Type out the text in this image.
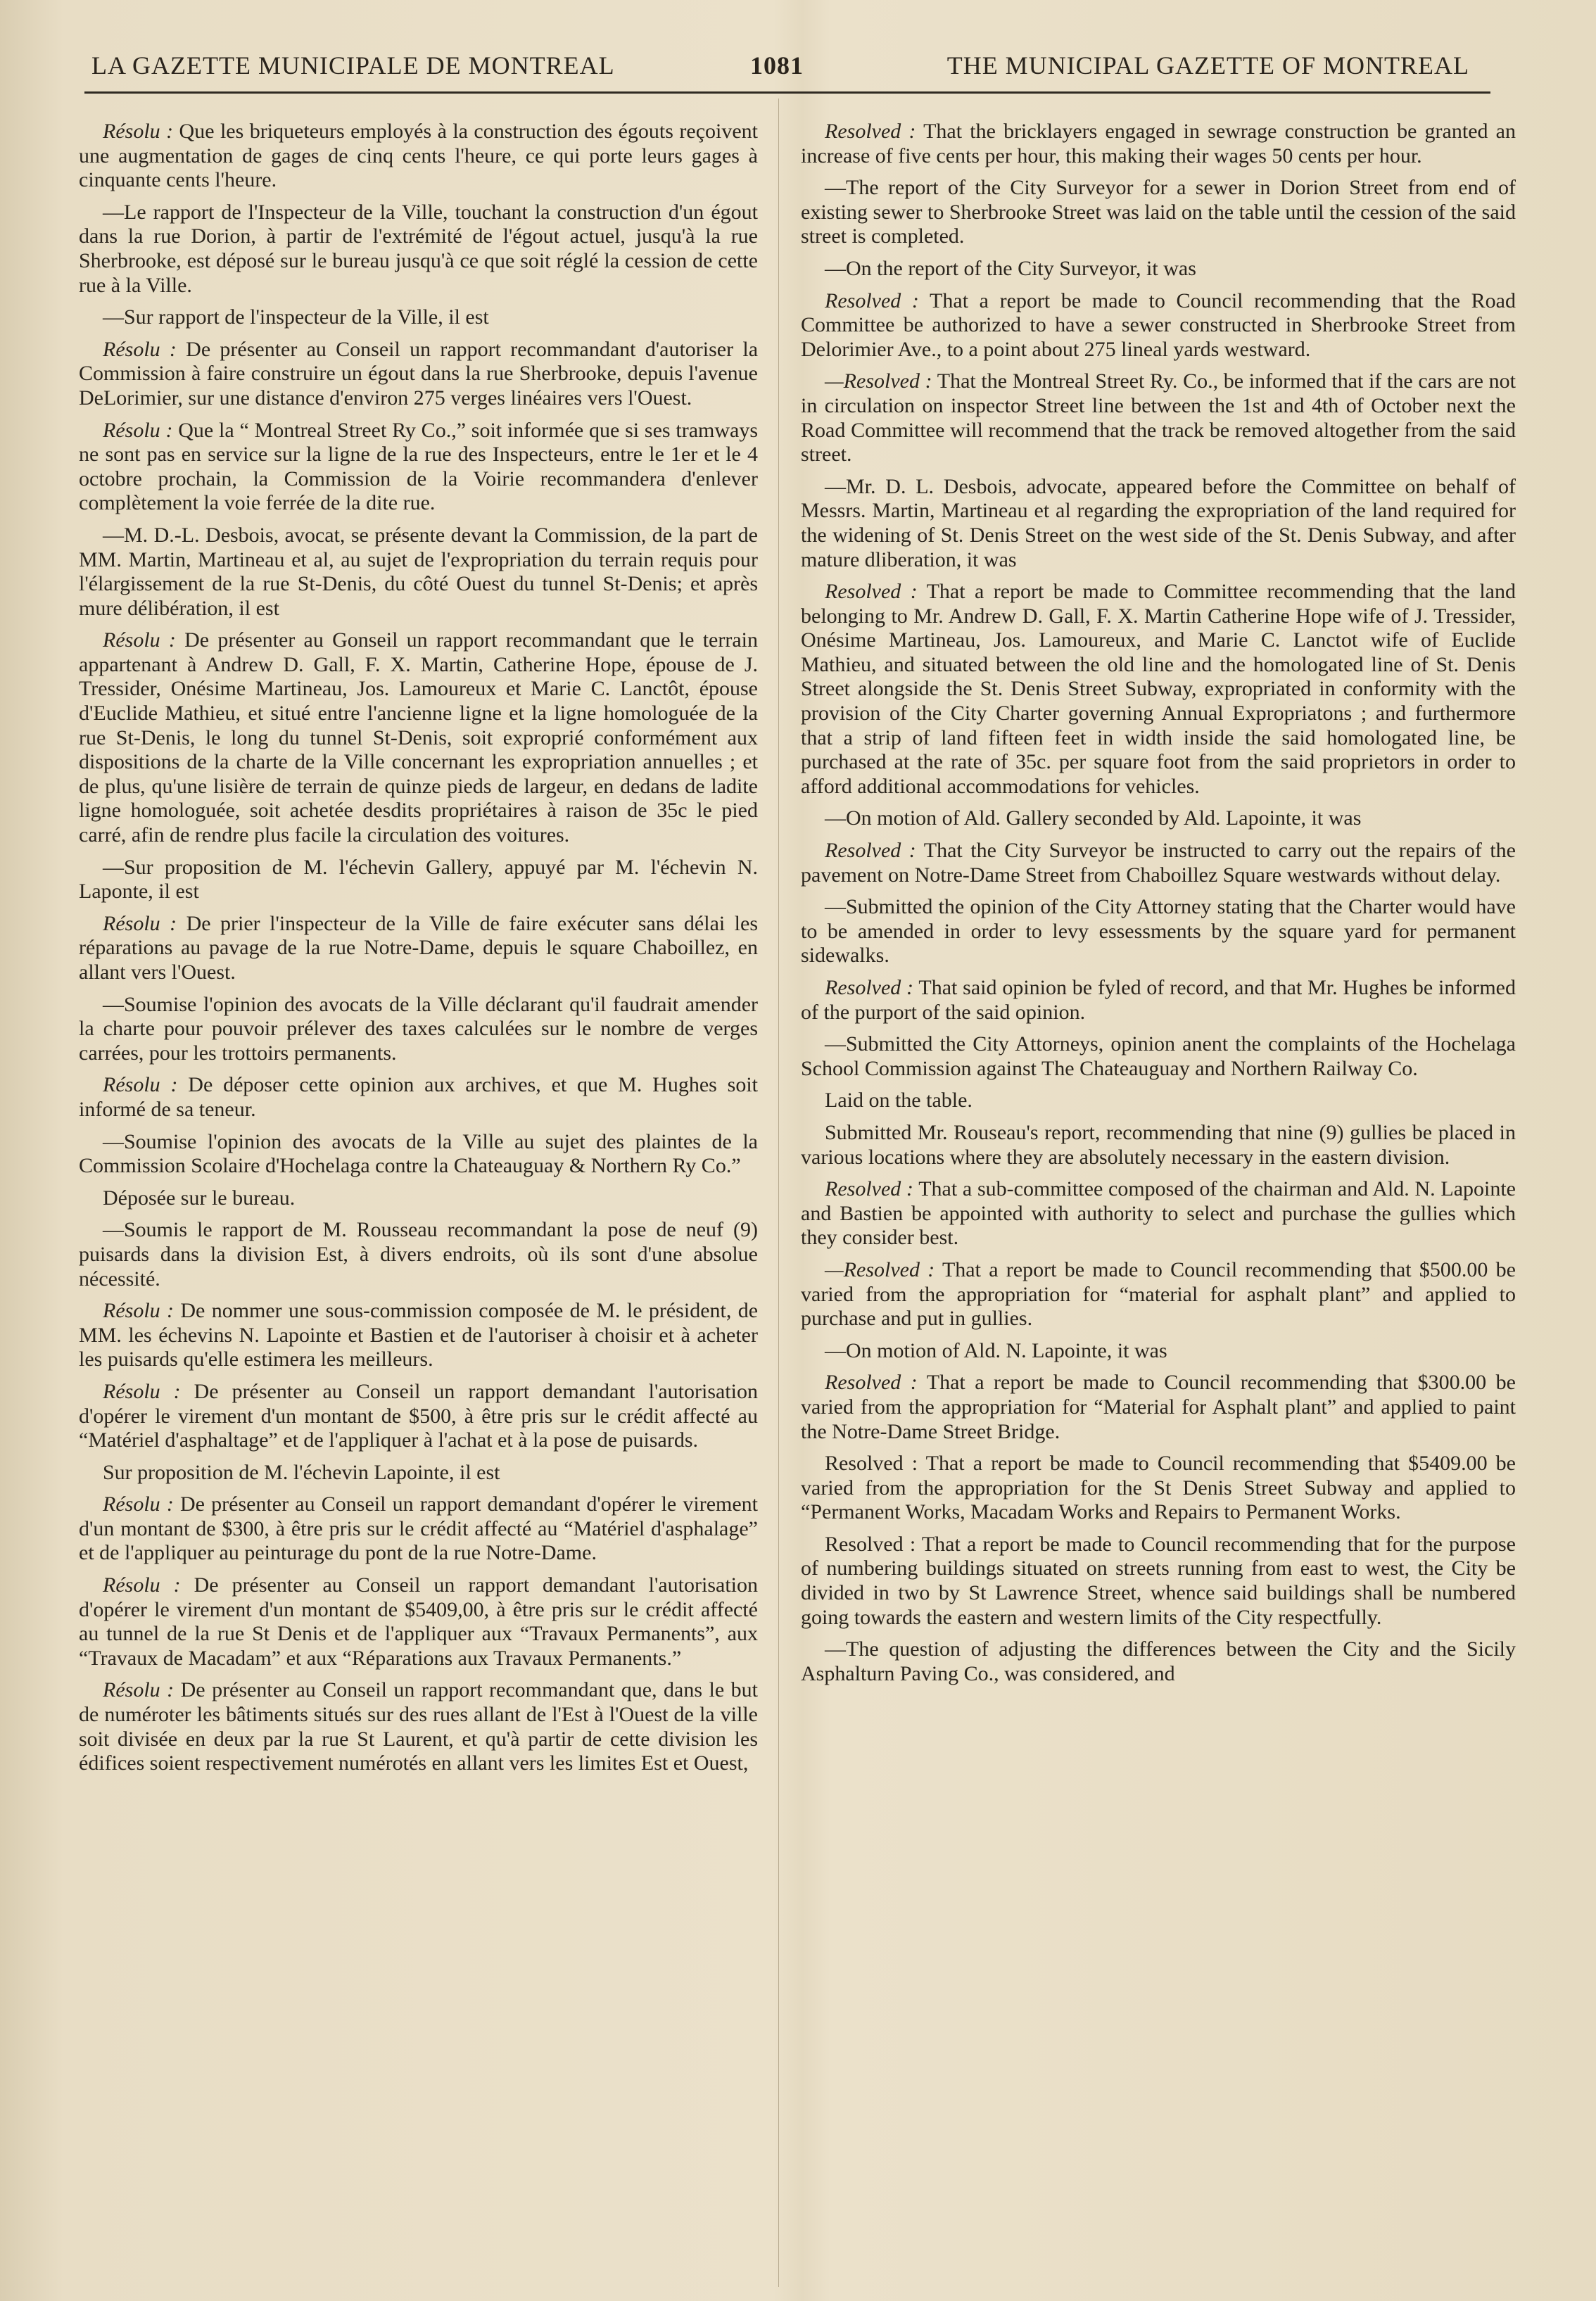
LA GAZETTE MUNICIPALE DE MONTREAL	1081	THE MUNICIPAL GAZETTE OF MONTREAL

Résolu : Que les briqueteurs employés à la construction des égouts reçoivent une augmentation de gages de cinq cents l'heure, ce qui porte leurs gages à cinquante cents l'heure.

—Le rapport de l'Inspecteur de la Ville, touchant la construction d'un égout dans la rue Dorion, à partir de l'extrémité de l'égout actuel, jusqu'à la rue Sherbrooke, est déposé sur le bureau jusqu'à ce que soit réglé la cession de cette rue à la Ville.

—Sur rapport de l'inspecteur de la Ville, il est

Résolu : De présenter au Conseil un rapport recommandant d'autoriser la Commission à faire construire un égout dans la rue Sherbrooke, depuis l'avenue DeLorimier, sur une distance d'environ 275 verges linéaires vers l'Ouest.

Résolu : Que la “ Montreal Street Ry Co.,” soit informée que si ses tramways ne sont pas en service sur la ligne de la rue des Inspecteurs, entre le 1er et le 4 octobre prochain, la Commission de la Voirie recommandera d'enlever complètement la voie ferrée de la dite rue.

—M. D.-L. Desbois, avocat, se présente devant la Commission, de la part de MM. Martin, Martineau et al, au sujet de l'expropriation du terrain requis pour l'élargissement de la rue St-Denis, du côté Ouest du tunnel St-Denis; et après mure délibération, il est

Résolu : De présenter au Gonseil un rapport recommandant que le terrain appartenant à Andrew D. Gall, F. X. Martin, Catherine Hope, épouse de J. Tressider, Onésime Martineau, Jos. Lamoureux et Marie C. Lanctôt, épouse d'Euclide Mathieu, et situé entre l'ancienne ligne et la ligne homologuée de la rue St-Denis, le long du tunnel St-Denis, soit exproprié conformément aux dispositions de la charte de la Ville concernant les expropriation annuelles ; et de plus, qu'une lisière de terrain de quinze pieds de largeur, en dedans de ladite ligne homologuée, soit achetée desdits propriétaires à raison de 35c le pied carré, afin de rendre plus facile la circulation des voitures.

—Sur proposition de M. l'échevin Gallery, appuyé par M. l'échevin N. Laponte, il est

Résolu : De prier l'inspecteur de la Ville de faire exécuter sans délai les réparations au pavage de la rue Notre-Dame, depuis le square Chaboillez, en allant vers l'Ouest.

—Soumise l'opinion des avocats de la Ville déclarant qu'il faudrait amender la charte pour pouvoir prélever des taxes calculées sur le nombre de verges carrées, pour les trottoirs permanents.

Résolu : De déposer cette opinion aux archives, et que M. Hughes soit informé de sa teneur.

—Soumise l'opinion des avocats de la Ville au sujet des plaintes de la Commission Scolaire d'Hochelaga contre la Chateauguay & Northern Ry Co.”

Déposée sur le bureau.

—Soumis le rapport de M. Rousseau recommandant la pose de neuf (9) puisards dans la division Est, à divers endroits, où ils sont d'une absolue nécessité.

Résolu : De nommer une sous-commission composée de M. le président, de MM. les échevins N. Lapointe et Bastien et de l'autoriser à choisir et à acheter les puisards qu'elle estimera les meilleurs.

Résolu : De présenter au Conseil un rapport demandant l'autorisation d'opérer le virement d'un montant de $500, à être pris sur le crédit affecté au “Matériel d'asphaltage” et de l'appliquer à l'achat et à la pose de puisards.

Sur proposition de M. l'échevin Lapointe, il est

Résolu : De présenter au Conseil un rapport demandant d'opérer le virement d'un montant de $300, à être pris sur le crédit affecté au “Matériel d'asphalage” et de l'appliquer au peinturage du pont de la rue Notre-Dame.

Résolu : De présenter au Conseil un rapport demandant l'autorisation d'opérer le virement d'un montant de $5409,00, à être pris sur le crédit affecté au tunnel de la rue St Denis et de l'appliquer aux “Travaux Permanents”, aux “Travaux de Macadam” et aux “Réparations aux Travaux Permanents.”

Résolu : De présenter au Conseil un rapport recommandant que, dans le but de numéroter les bâtiments situés sur des rues allant de l'Est à l'Ouest de la ville soit divisée en deux par la rue St Laurent, et qu'à partir de cette division les édifices soient respectivement numérotés en allant vers les limites Est et Ouest,

Resolved : That the bricklayers engaged in sewrage construction be granted an increase of five cents per hour, this making their wages 50 cents per hour.

—The report of the City Surveyor for a sewer in Dorion Street from end of existing sewer to Sherbrooke Street was laid on the table until the cession of the said street is completed.

—On the report of the City Surveyor, it was

Resolved : That a report be made to Council recommending that the Road Committee be authorized to have a sewer constructed in Sherbrooke Street from Delorimier Ave., to a point about 275 lineal yards westward.

—Resolved : That the Montreal Street Ry. Co., be informed that if the cars are not in circulation on inspector Street line between the 1st and 4th of October next the Road Committee will recommend that the track be removed altogether from the said street.

—Mr. D. L. Desbois, advocate, appeared before the Committee on behalf of Messrs. Martin, Martineau et al regarding the expropriation of the land required for the widening of St. Denis Street on the west side of the St. Denis Subway, and after mature dliberation, it was

Resolved : That a report be made to Committee recommending that the land belonging to Mr. Andrew D. Gall, F. X. Martin Catherine Hope wife of J. Tressider, Onésime Martineau, Jos. Lamoureux, and Marie C. Lanctot wife of Euclide Mathieu, and situated between the old line and the homologated line of St. Denis Street alongside the St. Denis Street Subway, expropriated in conformity with the provision of the City Charter governing Annual Expropriatons ; and furthermore that a strip of land fifteen feet in width inside the said homologated line, be purchased at the rate of 35c. per square foot from the said proprietors in order to afford additional accommodations for vehicles.

—On motion of Ald. Gallery seconded by Ald. Lapointe, it was

Resolved : That the City Surveyor be instructed to carry out the repairs of the pavement on Notre-Dame Street from Chaboillez Square westwards without delay.

—Submitted the opinion of the City Attorney stating that the Charter would have to be amended in order to levy essessments by the square yard for permanent sidewalks.

Resolved : That said opinion be fyled of record, and that Mr. Hughes be informed of the purport of the said opinion.

—Submitted the City Attorneys, opinion anent the complaints of the Hochelaga School Commission against The Chateauguay and Northern Railway Co.

Laid on the table.

Submitted Mr. Rouseau's report, recommending that nine (9) gullies be placed in various locations where they are absolutely necessary in the eastern division.

Resolved : That a sub-committee composed of the chairman and Ald. N. Lapointe and Bastien be appointed with authority to select and purchase the gullies which they consider best.

—Resolved : That a report be made to Council recommending that $500.00 be varied from the appropriation for “material for asphalt plant” and applied to purchase and put in gullies.

—On motion of Ald. N. Lapointe, it was

Resolved : That a report be made to Council recommending that $300.00 be varied from the appropriation for “Material for Asphalt plant” and applied to paint the Notre-Dame Street Bridge.

Resolved : That a report be made to Council recommending that $5409.00 be varied from the appropriation for the St Denis Street Subway and applied to “Permanent Works, Macadam Works and Repairs to Permanent Works.

Resolved : That a report be made to Council recommending that for the purpose of numbering buildings situated on streets running from east to west, the City be divided in two by St Lawrence Street, whence said buildings shall be numbered going towards the eastern and western limits of the City respectfully.

—The question of adjusting the differences between the City and the Sicily Asphalturn Paving Co., was considered, and
